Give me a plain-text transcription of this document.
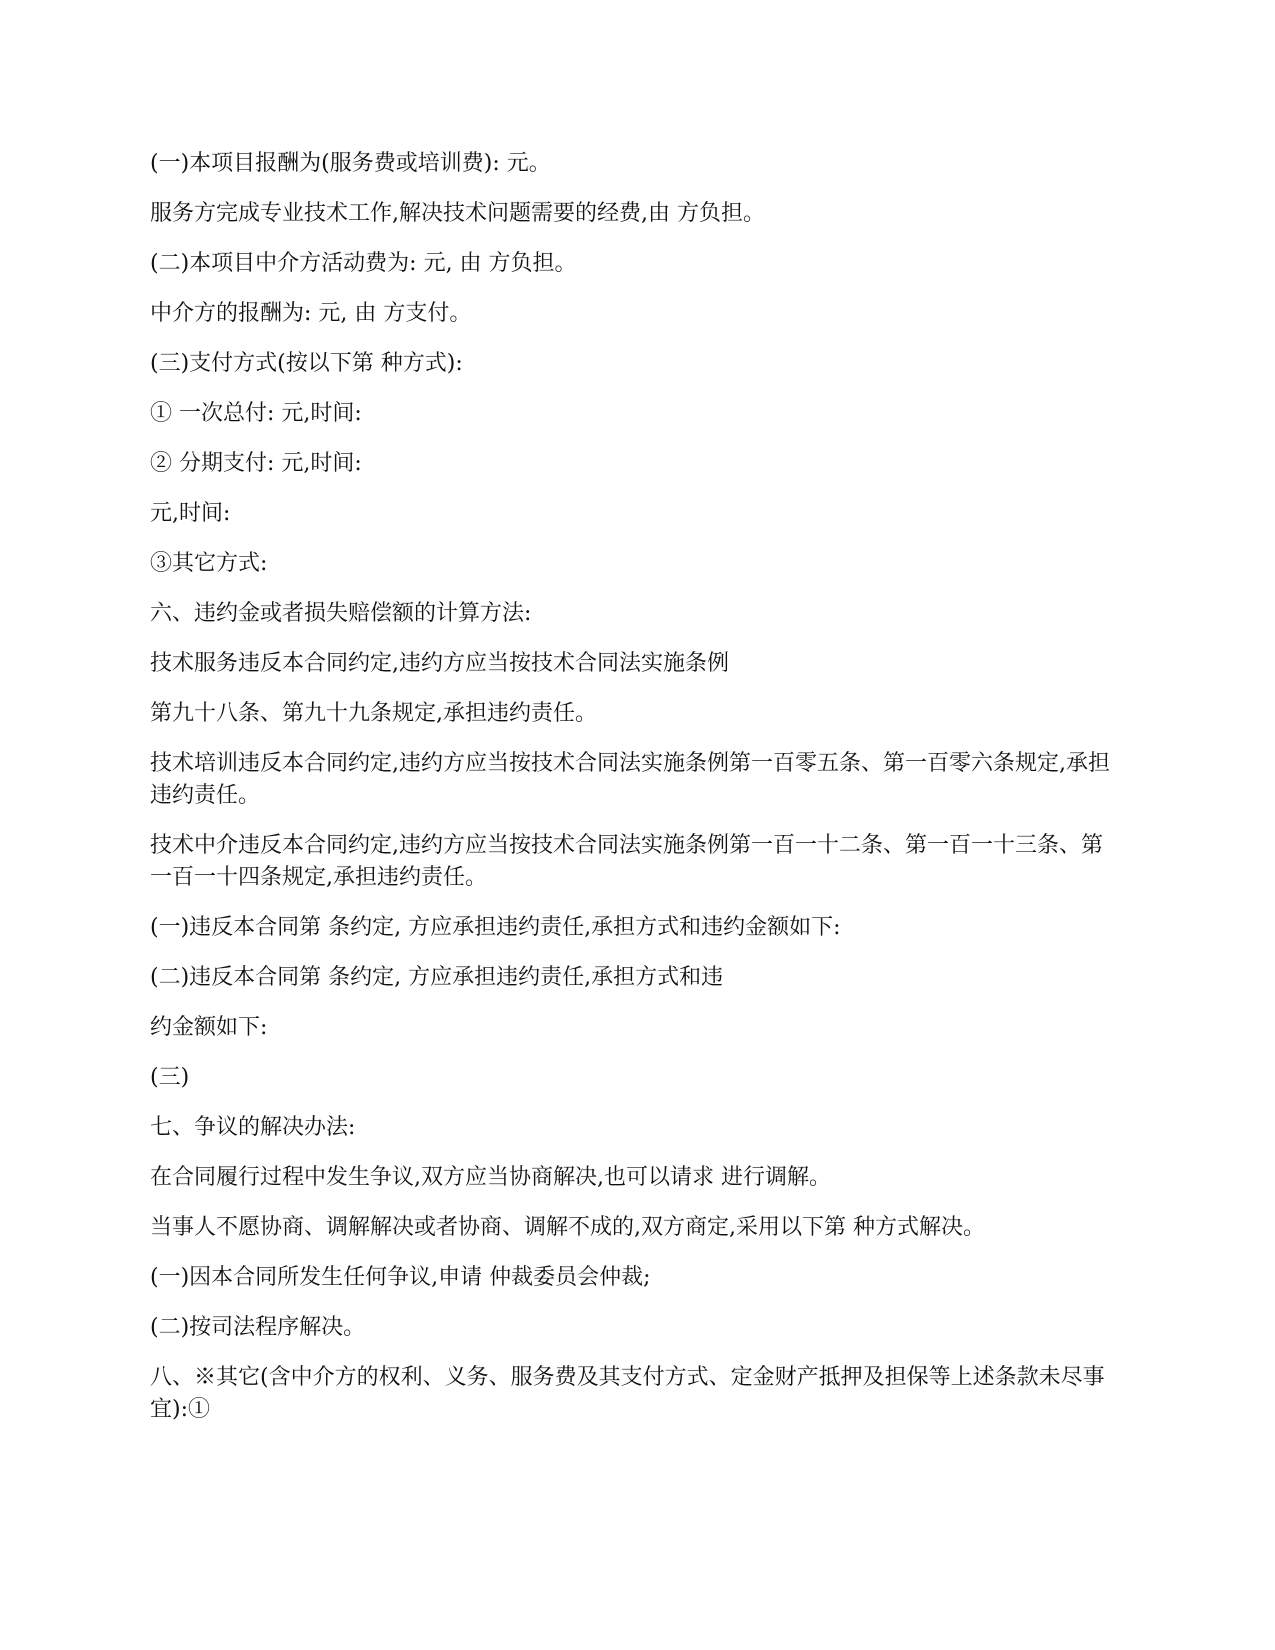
(一)本项目报酬为(服务费或培训费): 元。

服务方完成专业技术工作,解决技术问题需要的经费,由 方负担。

(二)本项目中介方活动费为: 元, 由 方负担。

中介方的报酬为: 元, 由 方支付。

(三)支付方式(按以下第 种方式):

① 一次总付: 元,时间:

② 分期支付: 元,时间:

元,时间:

③其它方式:

六、违约金或者损失赔偿额的计算方法:

技术服务违反本合同约定,违约方应当按技术合同法实施条例

第九十八条、第九十九条规定,承担违约责任。

技术培训违反本合同约定,违约方应当按技术合同法实施条例第一百零五条、第一百零六条规定,承担违约责任。

技术中介违反本合同约定,违约方应当按技术合同法实施条例第一百一十二条、第一百一十三条、第一百一十四条规定,承担违约责任。

(一)违反本合同第 条约定, 方应承担违约责任,承担方式和违约金额如下:

(二)违反本合同第 条约定, 方应承担违约责任,承担方式和违

约金额如下:

(三)

七、争议的解决办法:

在合同履行过程中发生争议,双方应当协商解决,也可以请求 进行调解。

当事人不愿协商、调解解决或者协商、调解不成的,双方商定,采用以下第 种方式解决。

(一)因本合同所发生任何争议,申请 仲裁委员会仲裁;

(二)按司法程序解决。

八、※其它(含中介方的权利、义务、服务费及其支付方式、定金财产抵押及担保等上述条款未尽事宜):①
